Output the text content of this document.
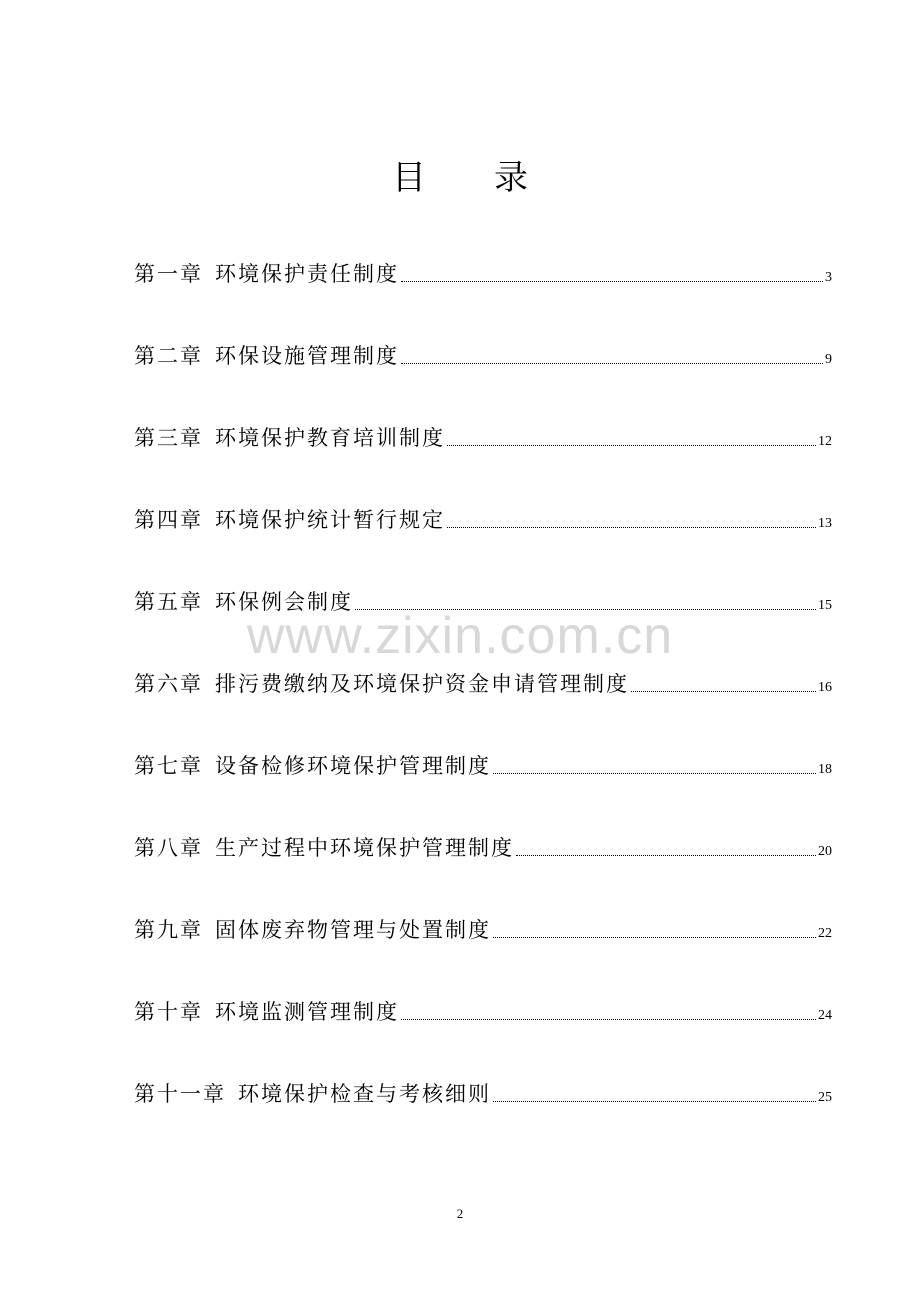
目 录
第一章 环境保护责任制度	3
第二章 环保设施管理制度	9
第三章 环境保护教育培训制度	12
第四章 环境保护统计暂行规定	13
第五章 环保例会制度	15
第六章 排污费缴纳及环境保护资金申请管理制度	16
第七章 设备检修环境保护管理制度	18
第八章 生产过程中环境保护管理制度	20
第九章 固体废弃物管理与处置制度	22
第十章 环境监测管理制度	24
第十一章 环境保护检查与考核细则	25
www.zixin.com.cn
2
